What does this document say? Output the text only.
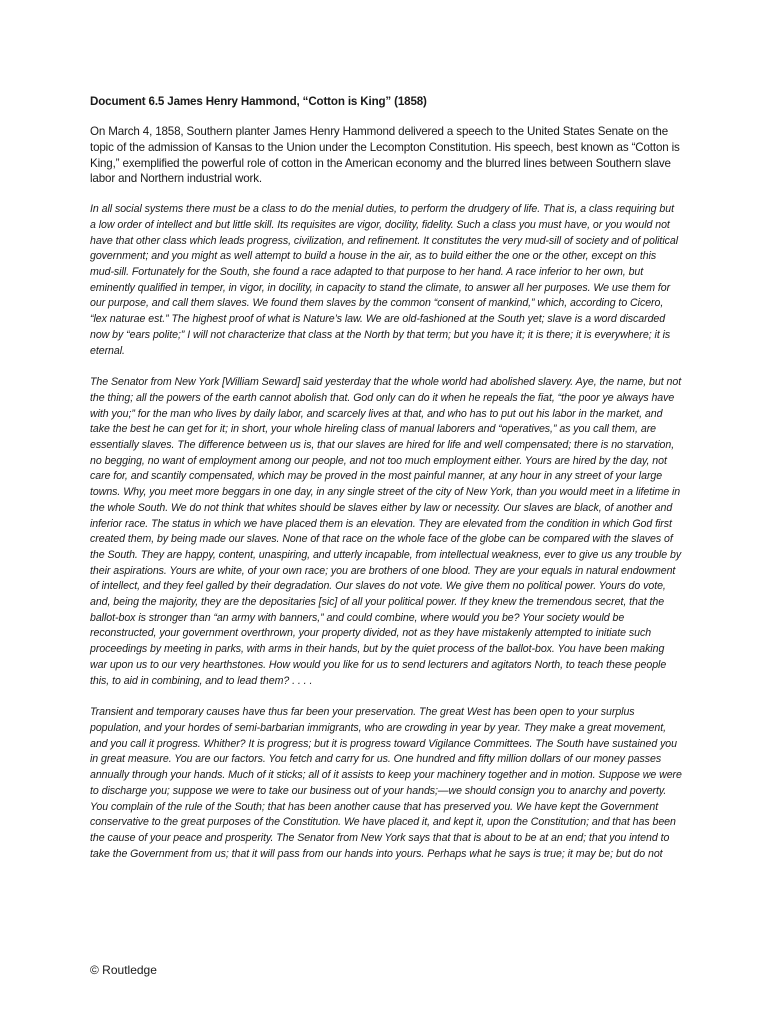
Document 6.5 James Henry Hammond, “Cotton is King” (1858)

On March 4, 1858, Southern planter James Henry Hammond delivered a speech to the United States Senate on the topic of the admission of Kansas to the Union under the Lecompton Constitution. His speech, best known as “Cotton is King,” exemplified the powerful role of cotton in the American economy and the blurred lines between Southern slave labor and Northern industrial work.

In all social systems there must be a class to do the menial duties, to perform the drudgery of life. That is, a class requiring but a low order of intellect and but little skill. Its requisites are vigor, docility, fidelity. Such a class you must have, or you would not have that other class which leads progress, civilization, and refinement. It constitutes the very mud-sill of society and of political government; and you might as well attempt to build a house in the air, as to build either the one or the other, except on this mud-sill. Fortunately for the South, she found a race adapted to that purpose to her hand. A race inferior to her own, but eminently qualified in temper, in vigor, in docility, in capacity to stand the climate, to answer all her purposes. We use them for our purpose, and call them slaves. We found them slaves by the common “consent of mankind,” which, according to Cicero, “lex naturae est.” The highest proof of what is Nature’s law. We are old-fashioned at the South yet; slave is a word discarded now by “ears polite;” I will not characterize that class at the North by that term; but you have it; it is there; it is everywhere; it is eternal.

The Senator from New York [William Seward] said yesterday that the whole world had abolished slavery. Aye, the name, but not the thing; all the powers of the earth cannot abolish that. God only can do it when he repeals the fiat, “the poor ye always have with you;” for the man who lives by daily labor, and scarcely lives at that, and who has to put out his labor in the market, and take the best he can get for it; in short, your whole hireling class of manual laborers and “operatives,” as you call them, are essentially slaves. The difference between us is, that our slaves are hired for life and well compensated; there is no starvation, no begging, no want of employment among our people, and not too much employment either. Yours are hired by the day, not care for, and scantily compensated, which may be proved in the most painful manner, at any hour in any street of your large towns. Why, you meet more beggars in one day, in any single street of the city of New York, than you would meet in a lifetime in the whole South. We do not think that whites should be slaves either by law or necessity. Our slaves are black, of another and inferior race. The status in which we have placed them is an elevation. They are elevated from the condition in which God first created them, by being made our slaves. None of that race on the whole face of the globe can be compared with the slaves of the South. They are happy, content, unaspiring, and utterly incapable, from intellectual weakness, ever to give us any trouble by their aspirations. Yours are white, of your own race; you are brothers of one blood. They are your equals in natural endowment of intellect, and they feel galled by their degradation. Our slaves do not vote. We give them no political power. Yours do vote, and, being the majority, they are the depositaries [sic] of all your political power. If they knew the tremendous secret, that the ballot-box is stronger than “an army with banners,” and could combine, where would you be? Your society would be reconstructed, your government overthrown, your property divided, not as they have mistakenly attempted to initiate such proceedings by meeting in parks, with arms in their hands, but by the quiet process of the ballot-box. You have been making war upon us to our very hearthstones. How would you like for us to send lecturers and agitators North, to teach these people this, to aid in combining, and to lead them? . . . .

Transient and temporary causes have thus far been your preservation. The great West has been open to your surplus population, and your hordes of semi-barbarian immigrants, who are crowding in year by year. They make a great movement, and you call it progress. Whither? It is progress; but it is progress toward Vigilance Committees. The South have sustained you in great measure. You are our factors. You fetch and carry for us. One hundred and fifty million dollars of our money passes annually through your hands. Much of it sticks; all of it assists to keep your machinery together and in motion. Suppose we were to discharge you; suppose we were to take our business out of your hands;—we should consign you to anarchy and poverty. You complain of the rule of the South; that has been another cause that has preserved you. We have kept the Government conservative to the great purposes of the Constitution. We have placed it, and kept it, upon the Constitution; and that has been the cause of your peace and prosperity. The Senator from New York says that that is about to be at an end; that you intend to take the Government from us; that it will pass from our hands into yours. Perhaps what he says is true; it may be; but do not

© Routledge
